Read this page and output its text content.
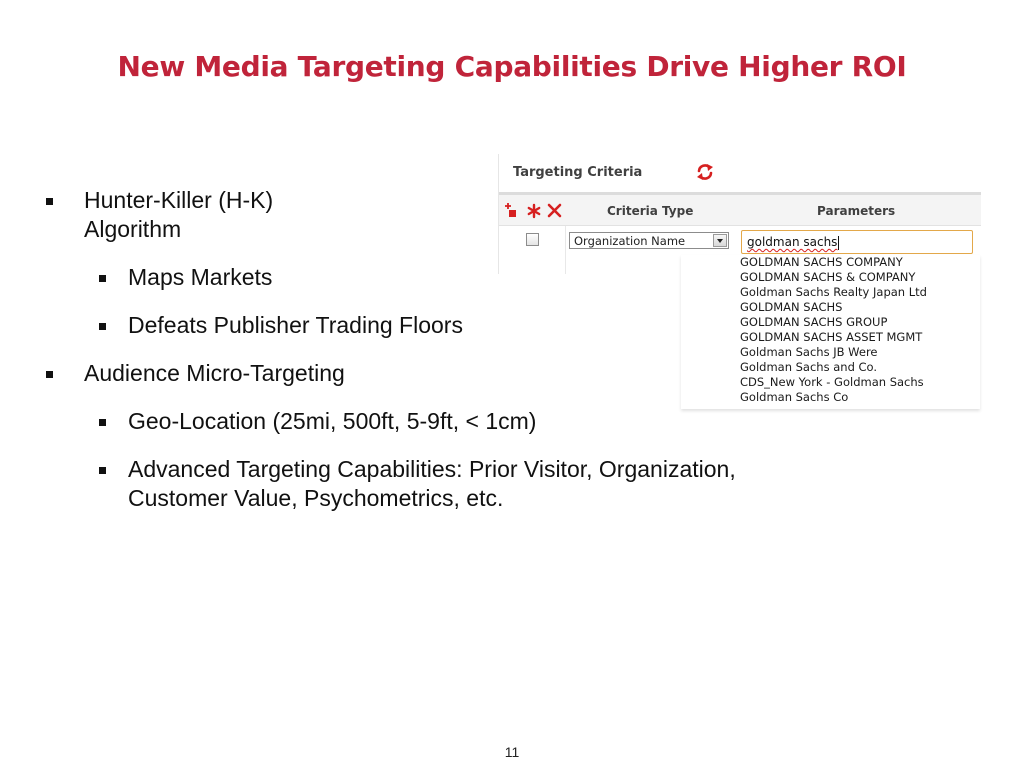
New Media Targeting Capabilities Drive Higher ROI
Hunter-Killer (H-K)
Algorithm
Maps Markets
Defeats Publisher Trading Floors
Audience Micro-Targeting
Geo-Location (25mi, 500ft, 5-9ft, < 1cm)
Advanced Targeting Capabilities: Prior Visitor, Organization,
Customer Value, Psychometrics, etc.
Targeting Criteria
Criteria Type	Parameters
Organization Name	goldman sachs
GOLDMAN SACHS COMPANY
GOLDMAN SACHS & COMPANY
Goldman Sachs Realty Japan Ltd
GOLDMAN SACHS
GOLDMAN SACHS GROUP
GOLDMAN SACHS ASSET MGMT
Goldman Sachs JB Were
Goldman Sachs and Co.
CDS_New York - Goldman Sachs
Goldman Sachs Co
11
